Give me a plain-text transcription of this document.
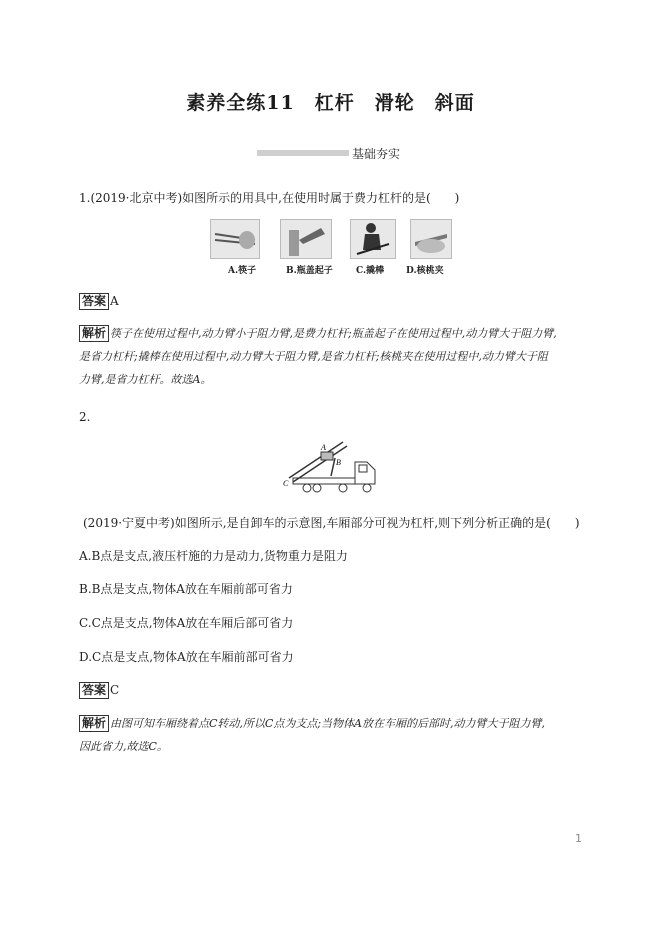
素养全练11　杠杆　滑轮　斜面
基础夯实
1.(2019·北京中考)如图所示的用具中,在使用时属于费力杠杆的是(　　)
A.筷子	B.瓶盖起子	C.撬棒 D.核桃夹
答案 A
解析 筷子在使用过程中,动力臂小于阻力臂,是费力杠杆;瓶盖起子在使用过程中,动力臂大于阻力臂,
是省力杠杆;撬棒在使用过程中,动力臂大于阻力臂,是省力杠杆;核桃夹在使用过程中,动力臂大于阻
力臂,是省力杠杆。故选A。
2.
A
B
C
(2019·宁夏中考)如图所示,是自卸车的示意图,车厢部分可视为杠杆,则下列分析正确的是(　　)
A.B点是支点,液压杆施的力是动力,货物重力是阻力
B.B点是支点,物体A放在车厢前部可省力
C.C点是支点,物体A放在车厢后部可省力
D.C点是支点,物体A放在车厢前部可省力
答案 C
解析 由图可知车厢绕着点C转动,所以C点为支点;当物体A放在车厢的后部时,动力臂大于阻力臂,
因此省力,故选C。
1
